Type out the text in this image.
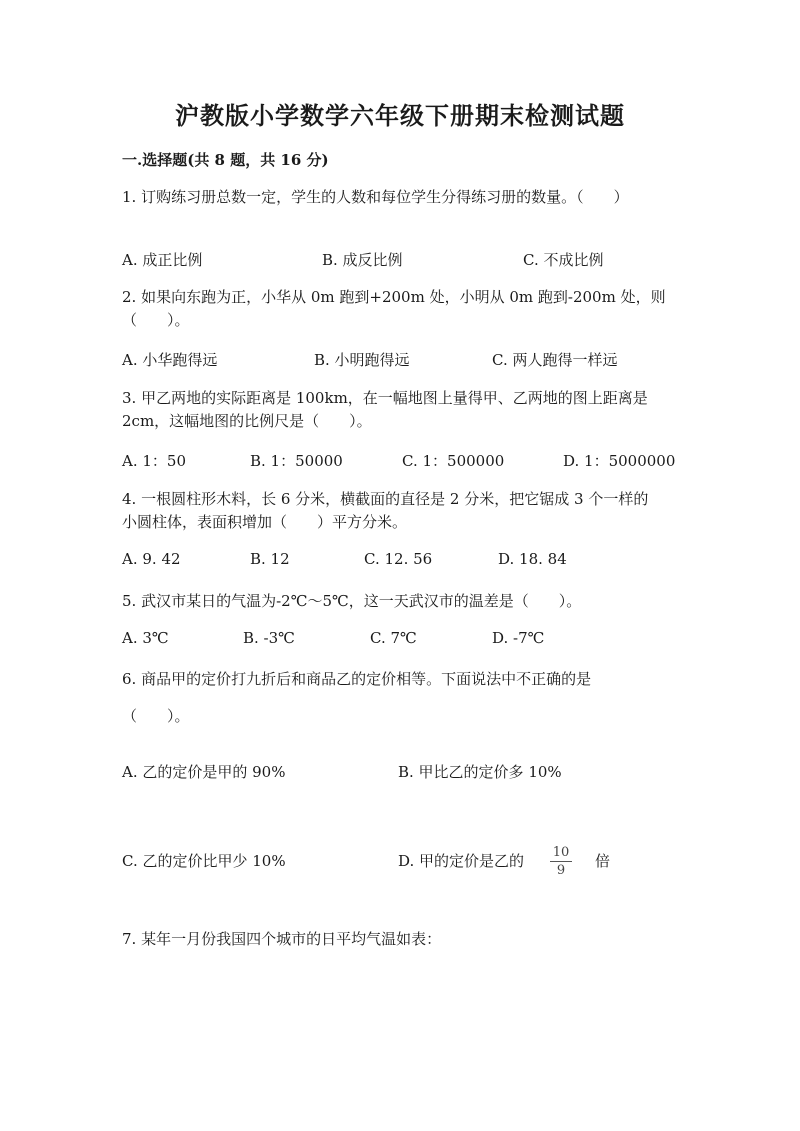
沪教版小学数学六年级下册期末检测试题
一.选择题(共 8 题，共 16 分)
1. 订购练习册总数一定，学生的人数和每位学生分得练习册的数量。（　　）
A. 成正比例	B. 成反比例	C. 不成比例
2. 如果向东跑为正，小华从 0m 跑到+200m 处，小明从 0m 跑到-200m 处，则
（　　）。
A. 小华跑得远	B. 小明跑得远	C. 两人跑得一样远
3. 甲乙两地的实际距离是 100km，在一幅地图上量得甲、乙两地的图上距离是
2cm，这幅地图的比例尺是（　　）。
A. 1：50	B. 1：50000	C. 1：500000	D. 1：5000000
4. 一根圆柱形木料，长 6 分米，横截面的直径是 2 分米，把它锯成 3 个一样的
小圆柱体，表面积增加（　　）平方分米。
A. 9. 42	B. 12	C. 12. 56	D. 18. 84
5. 武汉市某日的气温为-2℃～5℃，这一天武汉市的温差是（　　）。
A. 3℃	B. -3℃	C. 7℃	D. -7℃
6. 商品甲的定价打九折后和商品乙的定价相等。下面说法中不正确的是
（　　）。
A. 乙的定价是甲的 90%	B. 甲比乙的定价多 10%
C. 乙的定价比甲少 10%	D. 甲的定价是乙的 10
9
倍
7. 某年一月份我国四个城市的日平均气温如表：
